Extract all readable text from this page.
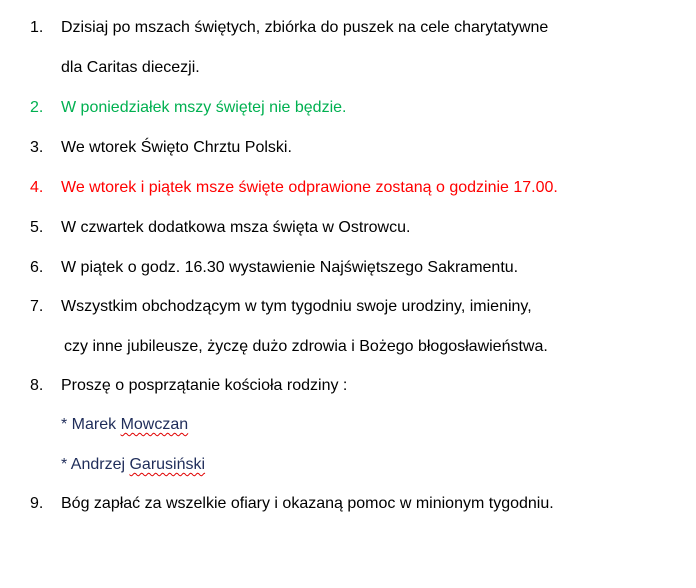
1.	Dzisiaj po mszach świętych, zbiórka do puszek na cele charytatywne
dla Caritas diecezji.
2.	W poniedziałek mszy świętej nie będzie.
3.	We wtorek Święto Chrztu Polski.
4.	We wtorek i piątek msze święte odprawione zostaną o godzinie 17.00.
5.	W czwartek dodatkowa msza święta w Ostrowcu.
6.	W piątek o godz. 16.30 wystawienie Najświętszego Sakramentu.
7.	Wszystkim obchodzącym w tym tygodniu swoje urodziny, imieniny,
czy inne jubileusze, życzę dużo zdrowia i Bożego błogosławieństwa.
8.	Proszę o posprzątanie kościoła rodziny :
* Marek Mowczan
* Andrzej Garusiński
9.	Bóg zapłać za wszelkie ofiary i okazaną pomoc w minionym tygodniu.
